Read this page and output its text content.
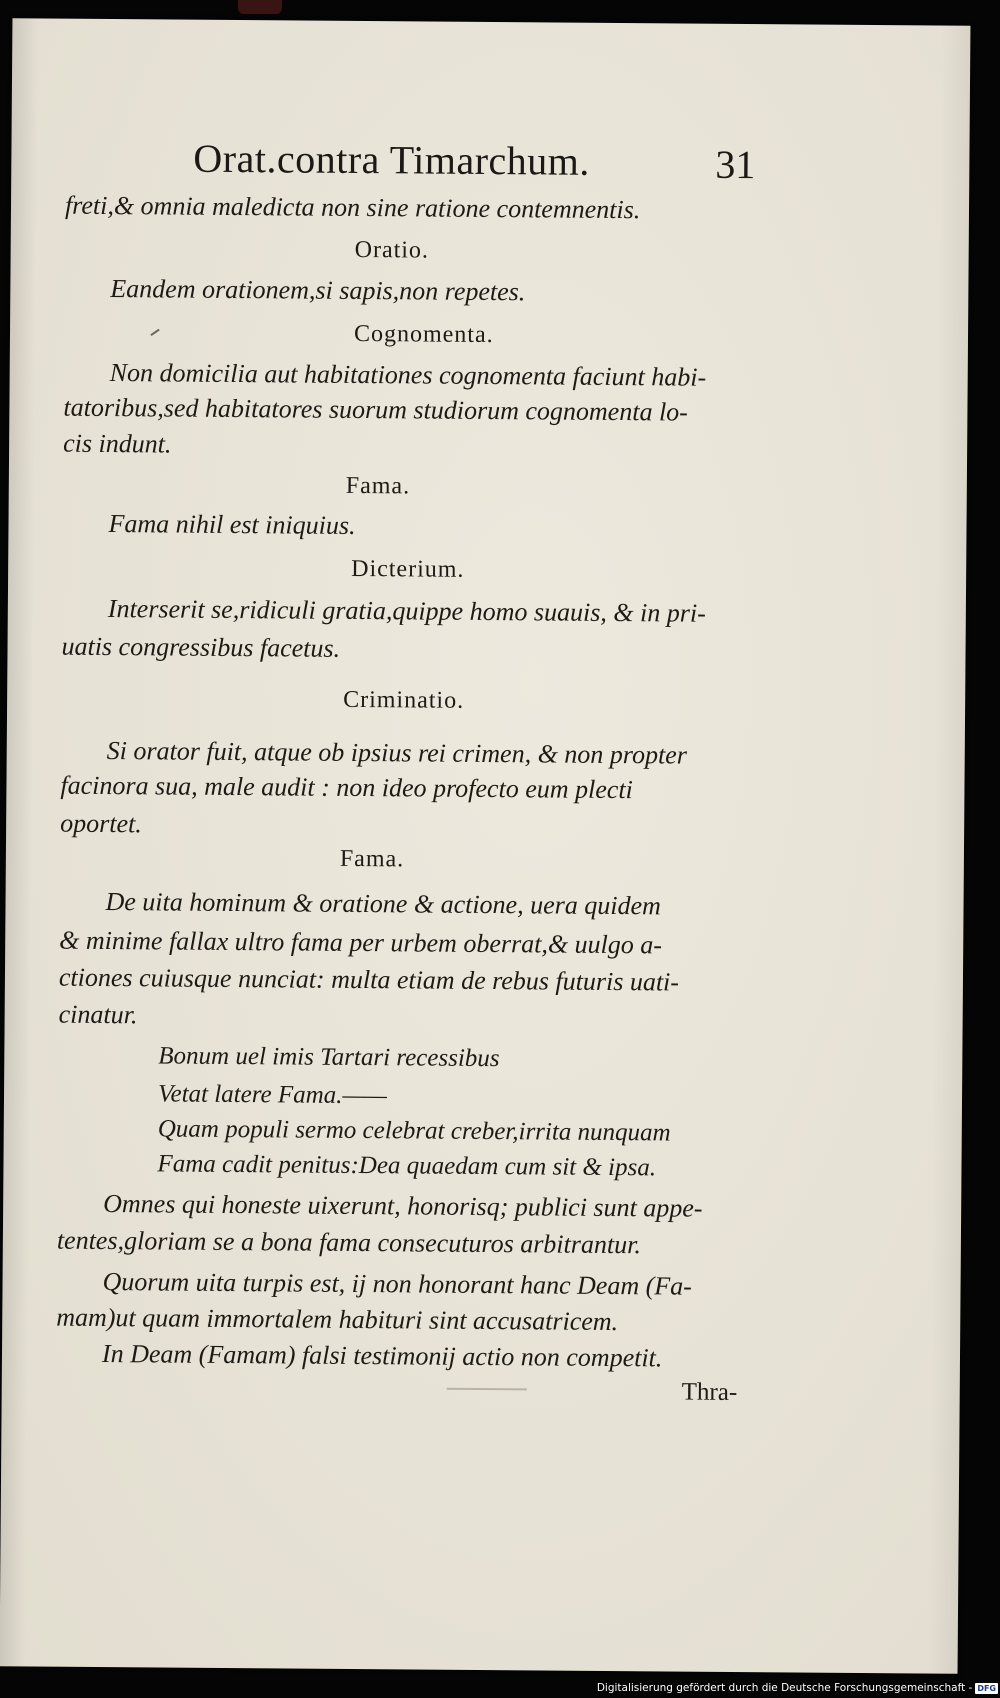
Orat.contra Timarchum.	31
freti,& omnia maledicta non sine ratione contemnentis.
Oratio.
Eandem orationem,si sapis,non repetes.
Cognomenta.
Non domicilia aut habitationes cognomenta faciunt habi-
tatoribus,sed habitatores suorum studiorum cognomenta lo-
cis indunt.
Fama.
Fama nihil est iniquius.
Dicterium.
Interserit se,ridiculi gratia,quippe homo suauis, & in pri-
uatis congressibus facetus.
Criminatio.
Si orator fuit, atque ob ipsius rei crimen, & non propter
facinora sua, male audit : non ideo profecto eum plecti
oportet.
Fama.
De uita hominum & oratione & actione, uera quidem
& minime fallax ultro fama per urbem oberrat,& uulgo a-
ctiones cuiusque nunciat: multa etiam de rebus futuris uati-
cinatur.
Bonum uel imis Tartari recessibus
Vetat latere Fama.——
Quam populi sermo celebrat creber,irrita nunquam
Fama cadit penitus:Dea quaedam cum sit & ipsa.
Omnes qui honeste uixerunt, honorisq; publici sunt appe-
tentes,gloriam se a bona fama consecuturos arbitrantur.
Quorum uita turpis est, ij non honorant hanc Deam (Fa-
mam)ut quam immortalem habituri sint accusatricem.
In Deam (Famam) falsi testimonij actio non competit.
Thra-
Digitalisierung gefördert durch die Deutsche Forschungsgemeinschaft - DFG
